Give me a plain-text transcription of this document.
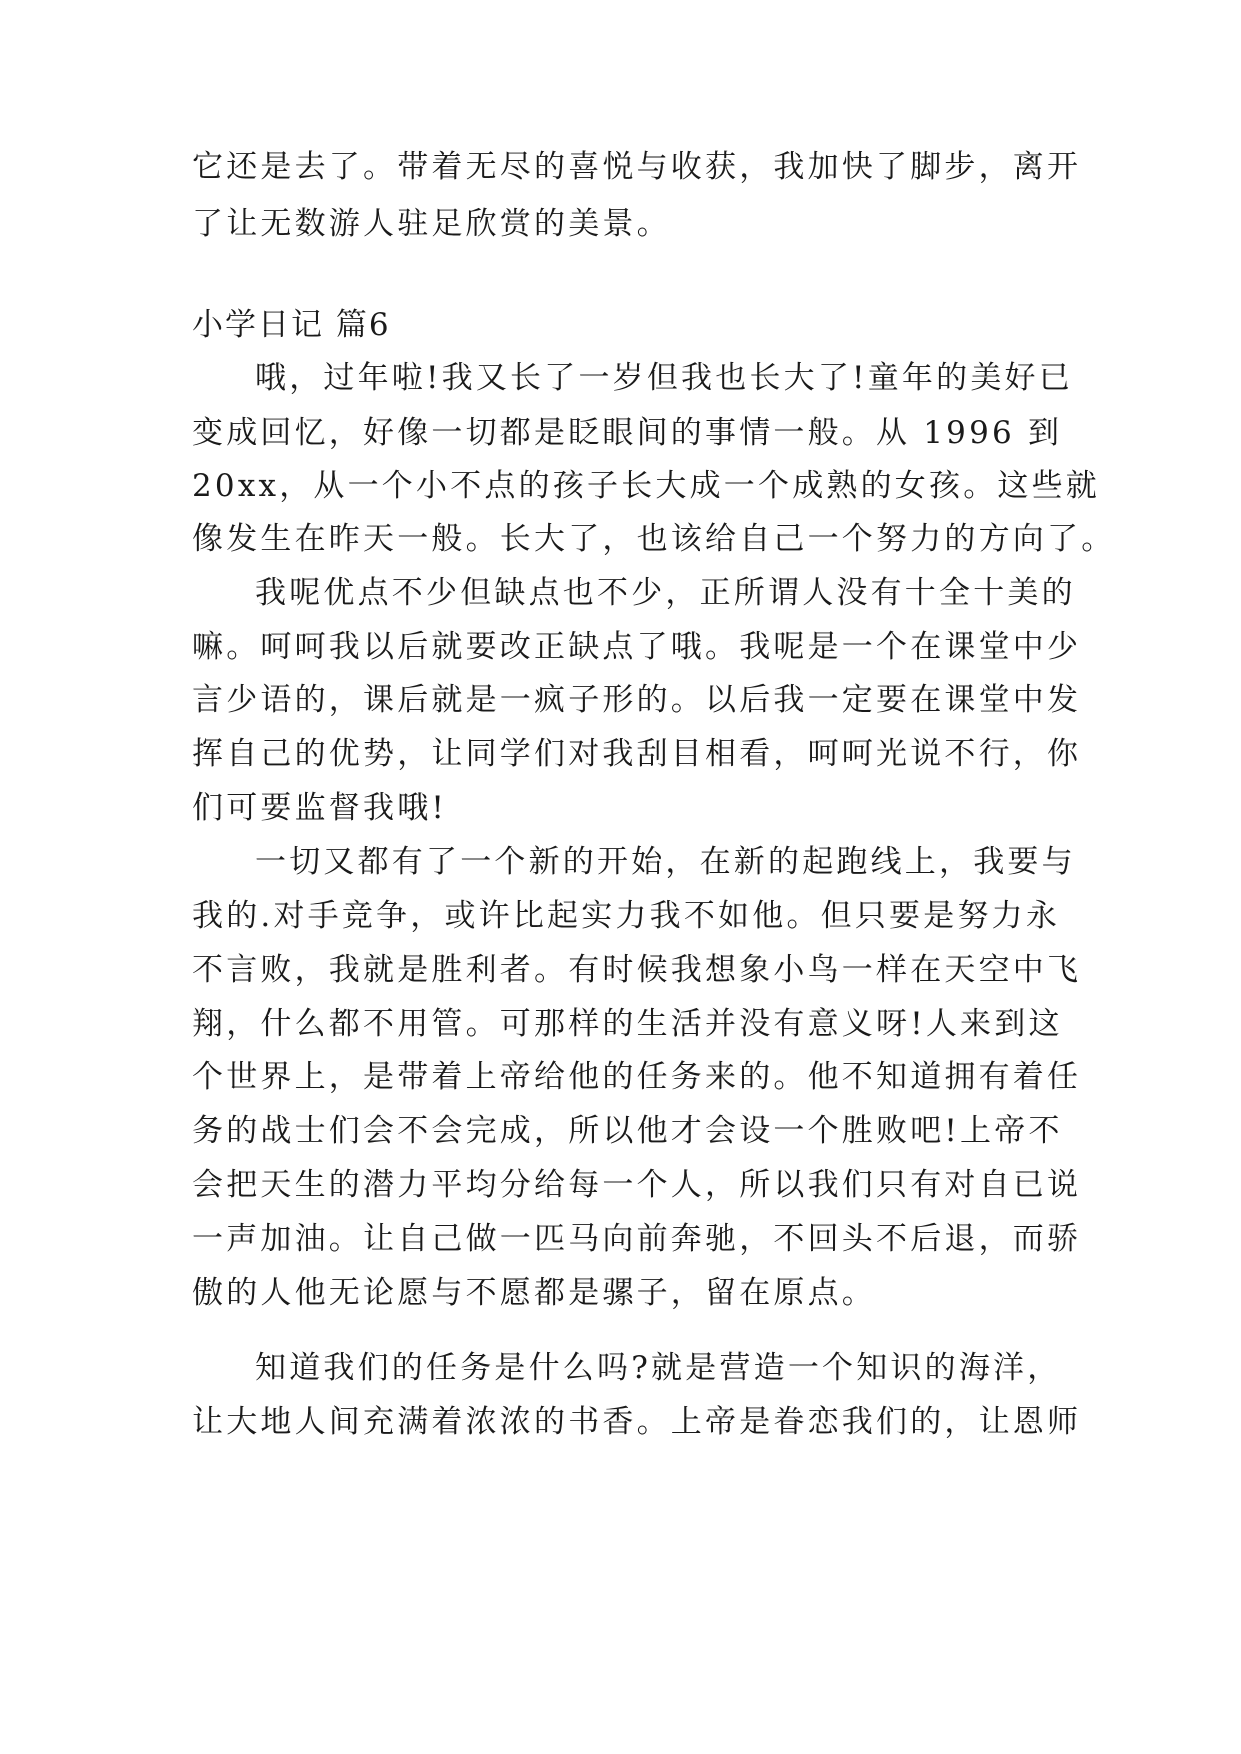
它还是去了。带着无尽的喜悦与收获，我加快了脚步，离开
了让无数游人驻足欣赏的美景。
小学日记 篇6
哦，过年啦!我又长了一岁但我也长大了!童年的美好已
变成回忆，好像一切都是眨眼间的事情一般。从 1996 到
20xx，从一个小不点的孩子长大成一个成熟的女孩。这些就
像发生在昨天一般。长大了，也该给自己一个努力的方向了。
我呢优点不少但缺点也不少，正所谓人没有十全十美的
嘛。呵呵我以后就要改正缺点了哦。我呢是一个在课堂中少
言少语的，课后就是一疯子形的。以后我一定要在课堂中发
挥自己的优势，让同学们对我刮目相看，呵呵光说不行，你
们可要监督我哦!
一切又都有了一个新的开始，在新的起跑线上，我要与
我的.对手竞争，或许比起实力我不如他。但只要是努力永
不言败，我就是胜利者。有时候我想象小鸟一样在天空中飞
翔，什么都不用管。可那样的生活并没有意义呀!人来到这
个世界上，是带着上帝给他的任务来的。他不知道拥有着任
务的战士们会不会完成，所以他才会设一个胜败吧!上帝不
会把天生的潜力平均分给每一个人，所以我们只有对自已说
一声加油。让自己做一匹马向前奔驰，不回头不后退，而骄
傲的人他无论愿与不愿都是骡子，留在原点。
知道我们的任务是什么吗?就是营造一个知识的海洋，
让大地人间充满着浓浓的书香。上帝是眷恋我们的，让恩师
